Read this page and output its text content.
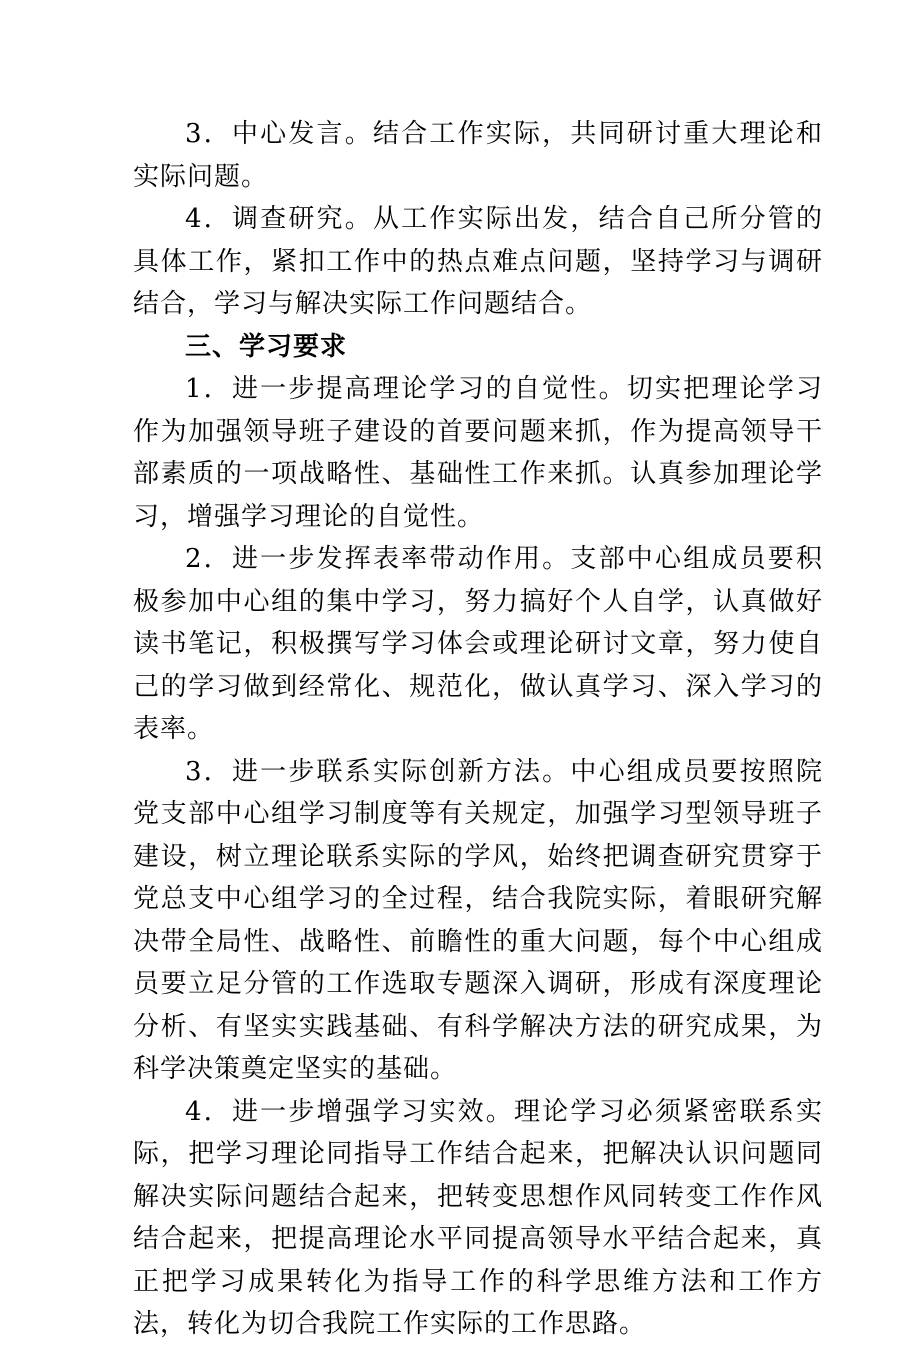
3．中心发言。结合工作实际，共同研讨重大理论和实际问题。

4．调查研究。从工作实际出发，结合自己所分管的具体工作，紧扣工作中的热点难点问题，坚持学习与调研结合，学习与解决实际工作问题结合。

三、学习要求

1．进一步提高理论学习的自觉性。切实把理论学习作为加强领导班子建设的首要问题来抓，作为提高领导干部素质的一项战略性、基础性工作来抓。认真参加理论学习，增强学习理论的自觉性。

2．进一步发挥表率带动作用。支部中心组成员要积极参加中心组的集中学习，努力搞好个人自学，认真做好读书笔记，积极撰写学习体会或理论研讨文章，努力使自己的学习做到经常化、规范化，做认真学习、深入学习的表率。

3．进一步联系实际创新方法。中心组成员要按照院党支部中心组学习制度等有关规定，加强学习型领导班子建设，树立理论联系实际的学风，始终把调查研究贯穿于党总支中心组学习的全过程，结合我院实际，着眼研究解决带全局性、战略性、前瞻性的重大问题，每个中心组成员要立足分管的工作选取专题深入调研，形成有深度理论分析、有坚实实践基础、有科学解决方法的研究成果，为科学决策奠定坚实的基础。

4．进一步增强学习实效。理论学习必须紧密联系实际，把学习理论同指导工作结合起来，把解决认识问题同解决实际问题结合起来，把转变思想作风同转变工作作风结合起来，把提高理论水平同提高领导水平结合起来，真正把学习成果转化为指导工作的科学思维方法和工作方法，转化为切合我院工作实际的工作思路。
